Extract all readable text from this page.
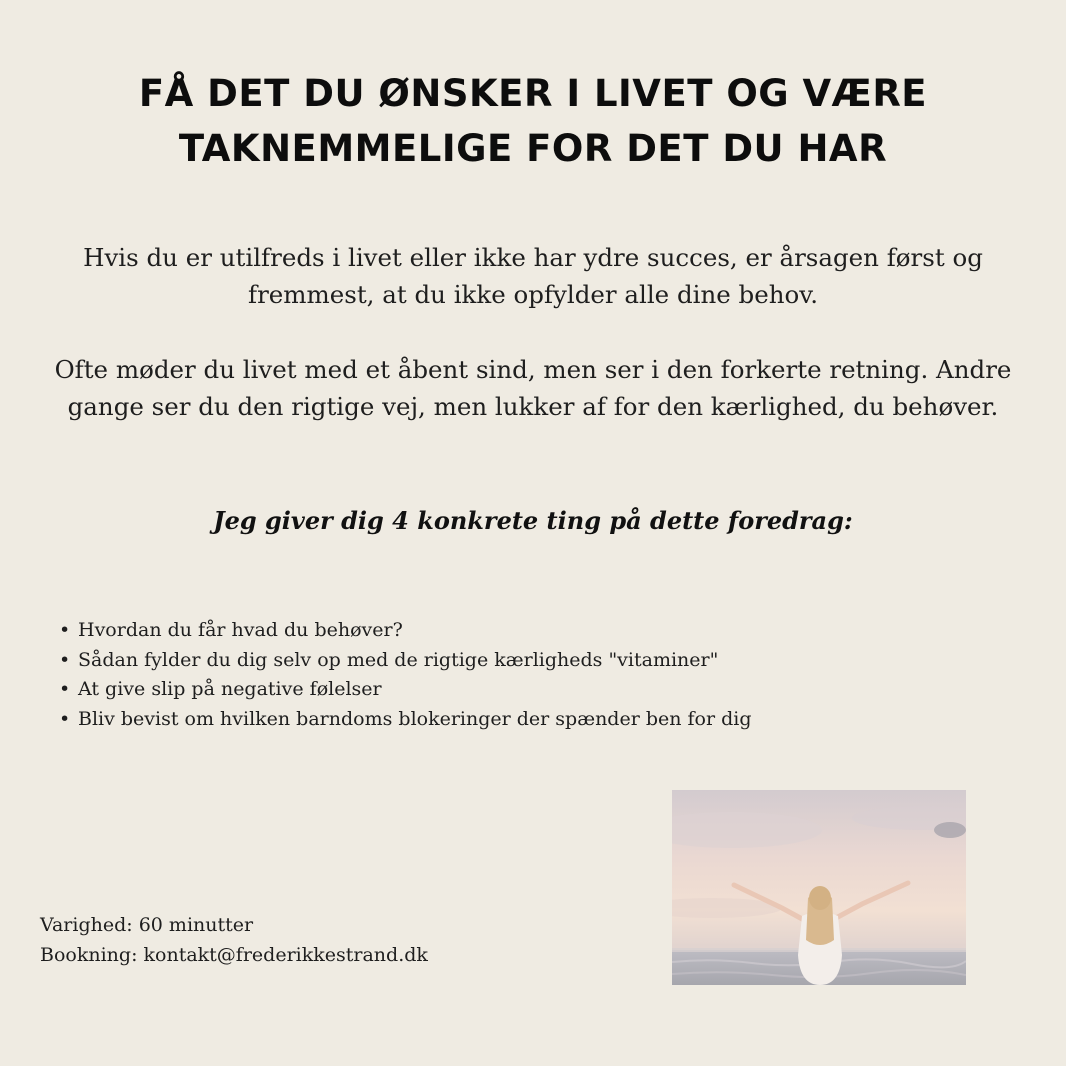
FÅ DET DU ØNSKER I LIVET OG VÆRE TAKNEMMELIGE FOR DET DU HAR

Hvis du er utilfreds i livet eller ikke har ydre succes, er årsagen først og fremmest, at du ikke opfylder alle dine behov.

Ofte møder du livet med et åbent sind, men ser i den forkerte retning. Andre gange ser du den rigtige vej, men lukker af for den kærlighed, du behøver.

Jeg giver dig 4 konkrete ting på dette foredrag:

• Hvordan du får hvad du behøver?
• Sådan fylder du dig selv op med de rigtige kærligheds "vitaminer"
• At give slip på negative følelser
• Bliv bevist om hvilken barndoms blokeringer der spænder ben for dig
Varighed: 60 minutter
Bookning: kontakt@frederikkestrand.dk
